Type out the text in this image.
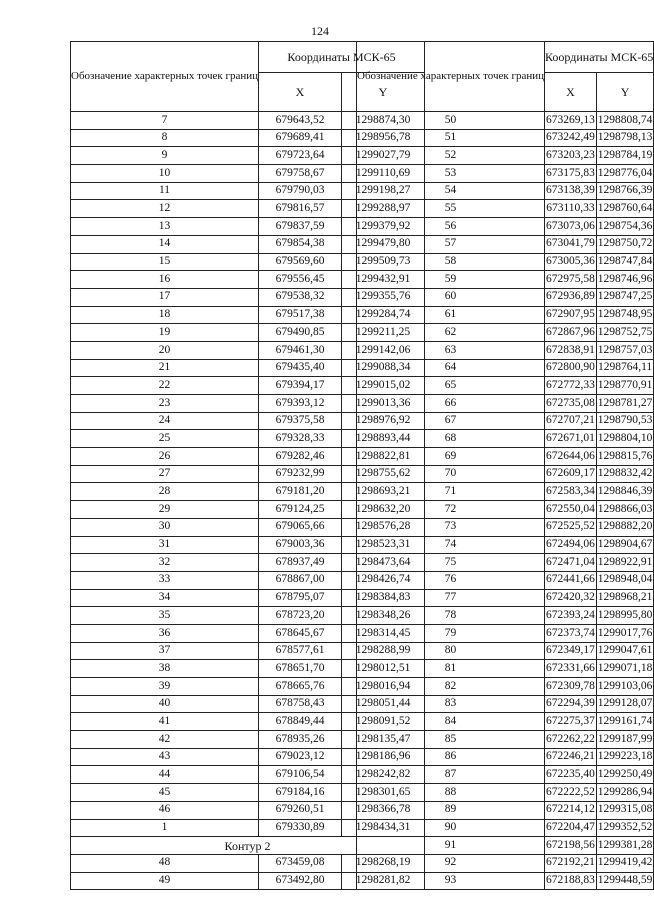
124
Обозначение характерных точек границ	Координаты МСК-65	
	X	Y
7	679643,52	1298874,30
8	679689,41	1298956,78
9	679723,64	1299027,79
10	679758,67	1299110,69
11	679790,03	1299198,27
12	679816,57	1299288,97
13	679837,59	1299379,92
14	679854,38	1299479,80
15	679569,60	1299509,73
16	679556,45	1299432,91
17	679538,32	1299355,76
18	679517,38	1299284,74
19	679490,85	1299211,25
20	679461,30	1299142,06
21	679435,40	1299088,34
22	679394,17	1299015,02
23	679393,12	1299013,36
24	679375,58	1298976,92
25	679328,33	1298893,44
26	679282,46	1298822,81
27	679232,99	1298755,62
28	679181,20	1298693,21
29	679124,25	1298632,20
30	679065,66	1298576,28
31	679003,36	1298523,31
32	678937,49	1298473,64
33	678867,00	1298426,74
34	678795,07	1298384,83
35	678723,20	1298348,26
36	678645,67	1298314,45
37	678577,61	1298288,99
38	678651,70	1298012,51
39	678665,76	1298016,94
40	678758,43	1298051,44
41	678849,44	1298091,52
42	678935,26	1298135,47
43	679023,12	1298186,96
44	679106,54	1298242,82
45	679184,16	1298301,65
46	679260,51	1298366,78
1	679330,89	1298434,31
Контур 2		
48	673459,08	1298268,19
49	673492,80	1298281,82
Обозначение характерных точек границ	Координаты МСК-65	
	X	Y
50	673269,13	1298808,74
51	673242,49	1298798,13
52	673203,23	1298784,19
53	673175,83	1298776,04
54	673138,39	1298766,39
55	673110,33	1298760,64
56	673073,06	1298754,36
57	673041,79	1298750,72
58	673005,36	1298747,84
59	672975,58	1298746,96
60	672936,89	1298747,25
61	672907,95	1298748,95
62	672867,96	1298752,75
63	672838,91	1298757,03
64	672800,90	1298764,11
65	672772,33	1298770,91
66	672735,08	1298781,27
67	672707,21	1298790,53
68	672671,01	1298804,10
69	672644,06	1298815,76
70	672609,17	1298832,42
71	672583,34	1298846,39
72	672550,04	1298866,03
73	672525,52	1298882,20
74	672494,06	1298904,67
75	672471,04	1298922,91
76	672441,66	1298948,04
77	672420,32	1298968,21
78	672393,24	1298995,80
79	672373,74	1299017,76
80	672349,17	1299047,61
81	672331,66	1299071,18
82	672309,78	1299103,06
83	672294,39	1299128,07
84	672275,37	1299161,74
85	672262,22	1299187,99
86	672246,21	1299223,18
87	672235,40	1299250,49
88	672222,52	1299286,94
89	672214,12	1299315,08
90	672204,47	1299352,52
91	672198,56	1299381,28
92	672192,21	1299419,42
93	672188,83	1299448,59
